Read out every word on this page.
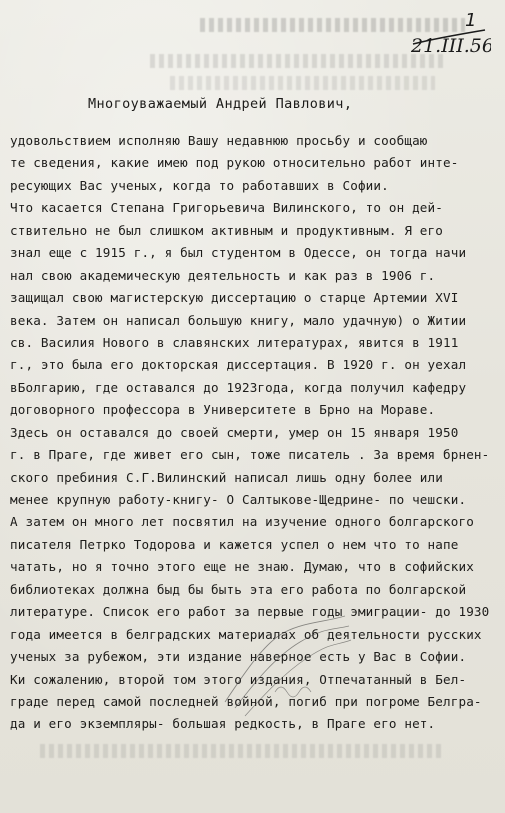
1
21.III.56
Многоуважаемый Андрей Павлович,
удовольствием исполняю Вашу недавнюю просьбу и сообщаю
те сведения, какие имею под рукою относительно работ инте-
ресующих Вас ученых, когда то работавших в Софии.
Что касается Степана Григорьевича Вилинского, то он дей-
ствительно не был слишком активным и продуктивным. Я его
знал еще с 1915 г., я был студентом в Одессе, он тогда начи
нал свою академическую деятельность и как раз в 1906 г.
защищал свою магистерскую диссертацию о старце Артемии XVI
века. Затем он написал большую книгу, мало удачную) о Житии
св. Василия Нового в славянских литературах, явится в 1911
г., это была его докторская диссертация. В 1920 г. он уехал
вБолгарию, где оставался до 1923года, когда получил кафедру
договорного профессора в Университете в Брно на Мораве.
Здесь он оставался до своей смерти, умер он 15 января 1950
г. в Праге, где живет его сын, тоже писатель . За время брнен-
ского пребиния С.Г.Вилинский написал лишь одну более или
менее крупную работу-книгу- О Салтыкове-Щедрине- по чешски.
А затем он много лет посвятил на изучение одного болгарского
писателя Петрко Тодорова и кажется успел о нем что то напе
чатать, но я точно этого еще не знаю. Думаю, что в софийских
библиотеках должна быд бы быть эта его работа по болгарской
литературе. Список его работ за первые годы эмиграции- до 1930
года имеется в белградских материалах об деятельности русских
ученых за рубежом, эти издание наверное есть у Вас в Софии.
Ки сожалению, второй том этого издания, Отпечатанный в Бел-
граде перед самой последней войной, погиб при погроме Белгра-
да и его экземпляры- большая редкость, в Праге его нет.
